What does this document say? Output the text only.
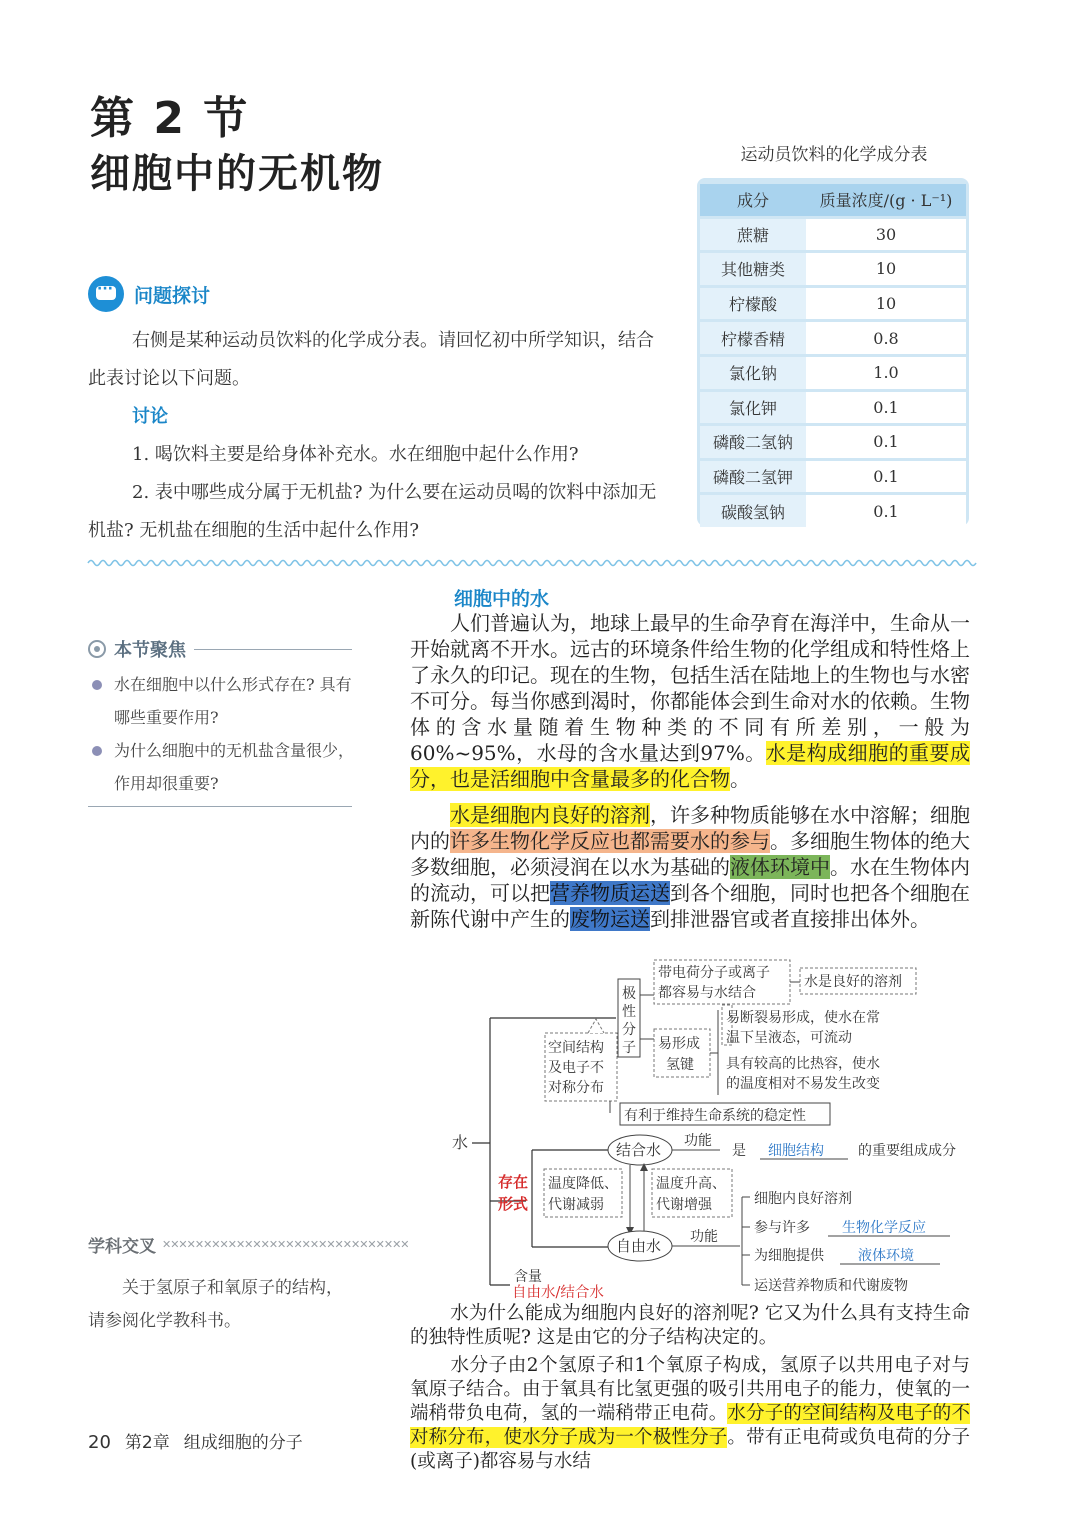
第 2 节
细胞中的无机物
···
问题探讨

右侧是某种运动员饮料的化学成分表。请回忆初中所学知识，结合此表讨论以下问题。

讨论

1. 喝饮料主要是给身体补充水。水在细胞中起什么作用?

2. 表中哪些成分属于无机盐? 为什么要在运动员喝的饮料中添加无机盐? 无机盐在细胞的生活中起什么作用?

运动员饮料的化学成分表
成分	质量浓度/(g · L⁻¹)
蔗糖	30
其他糖类	10
柠檬酸	10
柠檬香精	0.8
氯化钠	1.0
氯化钾	0.1
磷酸二氢钠	0.1
磷酸二氢钾	0.1
碳酸氢钠	0.1
本节聚焦
水在细胞中以什么形式存在? 具有哪些重要作用?
为什么细胞中的无机盐含量很少，作用却很重要?
学科交叉 ✕✕✕✕✕✕✕✕✕✕✕✕✕✕✕✕✕✕✕✕✕✕✕✕✕✕✕✕✕✕
关于氢原子和氧原子的结构，请参阅化学教科书。
20 第2章 组成细胞的分子
细胞中的水
人们普遍认为，地球上最早的生命孕育在海洋中，生命从一开始就离不开水。远古的环境条件给生物的化学组成和特性烙上了永久的印记。现在的生物，包括生活在陆地上的生物也与水密不可分。每当你感到渴时，你都能体会到生命对水的依赖。生物体的含水量随着生物种类的不同有所差别，一般为60%~95%，水母的含水量达到97%。水是构成细胞的重要成分，也是活细胞中含量最多的化合物。
水是细胞内良好的溶剂，许多种物质能够在水中溶解；细胞内的许多生物化学反应也都需要水的参与。多细胞生物体的绝大多数细胞，必须浸润在以水为基础的液体环境中。水在生物体内的流动，可以把营养物质运送到各个细胞，同时也把各个细胞在新陈代谢中产生的废物运送到排泄器官或者直接排出体外。
水
极性分子
带电荷分子或离子
都容易与水结合
水是良好的溶剂
空间结构
及电子不
对称分布
易形成
氢键
易断裂易形成，使水在常
温下呈液态，可流动
具有较高的比热容，使水
的温度相对不易发生改变
有利于维持生命系统的稳定性
存在
形式
结合水 功能
是 细胞结构 的重要组成成分
温度降低、
代谢减弱
温度升高、
代谢增强
自由水 功能
细胞内良好溶剂
参与许多 生物化学反应
为细胞提供 液体环境
运送营养物质和代谢废物
含量
自由水/结合水
水为什么能成为细胞内良好的溶剂呢? 它又为什么具有支持生命的独特性质呢? 这是由它的分子结构决定的。
水分子由2个氢原子和1个氧原子构成，氢原子以共用电子对与氧原子结合。由于氧具有比氢更强的吸引共用电子的能力，使氧的一端稍带负电荷，氢的一端稍带正电荷。水分子的空间结构及电子的不对称分布，使水分子成为一个极性分子。带有正电荷或负电荷的分子(或离子)都容易与水结
